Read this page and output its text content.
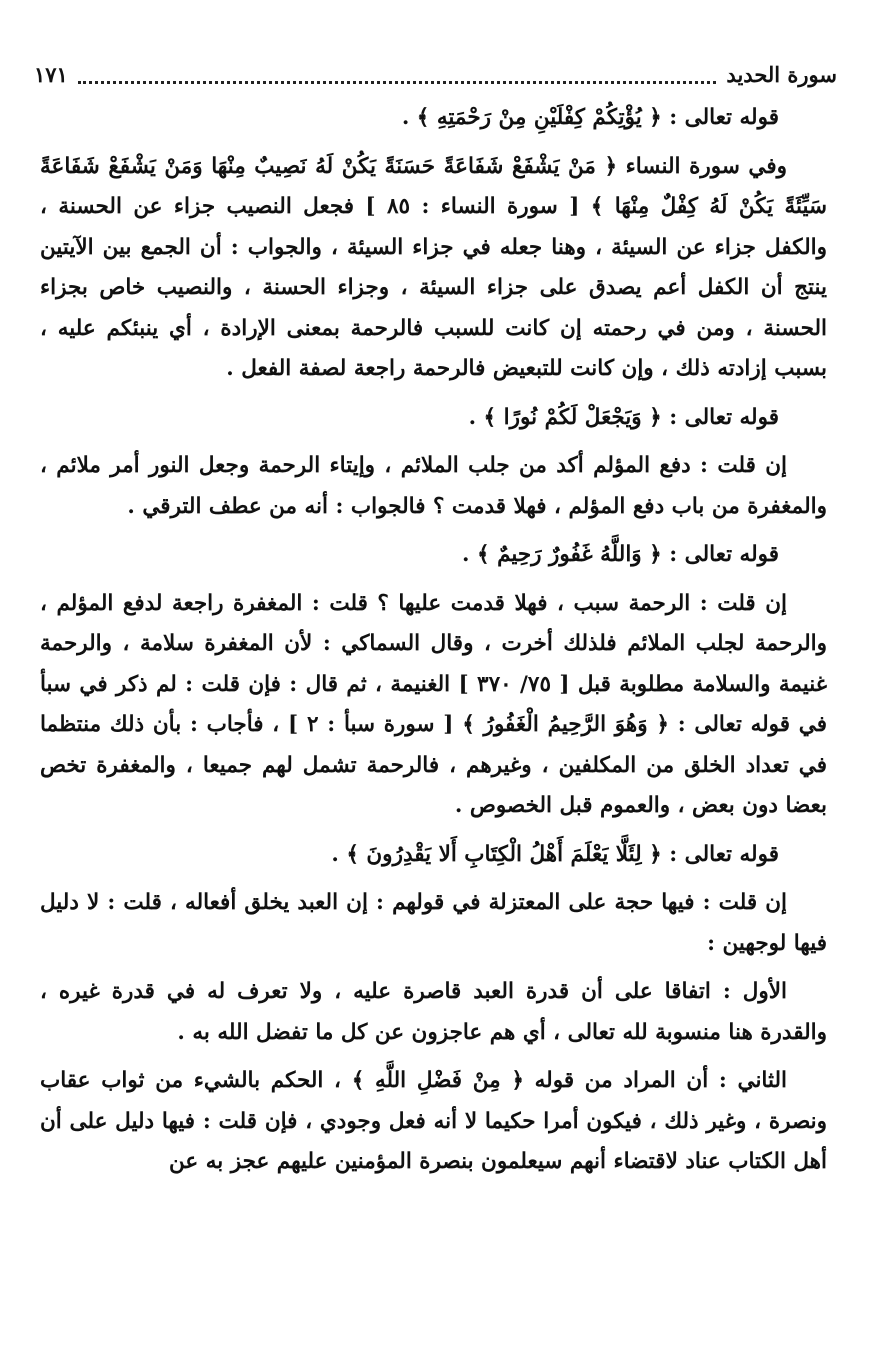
سورة الحديد
١٧١

قوله تعالى : ﴿ يُؤْتِكُمْ كِفْلَيْنِ مِنْ رَحْمَتِهِ ﴾ .

وفي سورة النساء ﴿ مَنْ يَشْفَعْ شَفَاعَةً حَسَنَةً يَكُنْ لَهُ نَصِيبٌ مِنْهَا وَمَنْ يَشْفَعْ شَفَاعَةً سَيِّئَةً يَكُنْ لَهُ كِفْلٌ مِنْهَا ﴾ [ سورة النساء : ٨٥ ] فجعل النصيب جزاء عن الحسنة ، والكفل جزاء عن السيئة ، وهنا جعله في جزاء السيئة ، والجواب : أن الجمع بين الآيتين ينتج أن الكفل أعم يصدق على جزاء السيئة ، وجزاء الحسنة ، والنصيب خاص بجزاء الحسنة ، ومن في رحمته إن كانت للسبب فالرحمة بمعنى الإرادة ، أي ينبئكم عليه ، بسبب إزادته ذلك ، وإن كانت للتبعيض فالرحمة راجعة لصفة الفعل .

قوله تعالى : ﴿ وَيَجْعَلْ لَكُمْ نُورًا ﴾ .

إن قلت : دفع المؤلم أكد من جلب الملائم ، وإيتاء الرحمة وجعل النور أمر ملائم ، والمغفرة من باب دفع المؤلم ، فهلا قدمت ؟ فالجواب : أنه من عطف الترقي .

قوله تعالى : ﴿ وَاللَّهُ غَفُورٌ رَحِيمٌ ﴾ .

إن قلت : الرحمة سبب ، فهلا قدمت عليها ؟ قلت : المغفرة راجعة لدفع المؤلم ، والرحمة لجلب الملائم فلذلك أخرت ، وقال السماكي : لأن المغفرة سلامة ، والرحمة غنيمة والسلامة مطلوبة قبل [ ٧٥/ ٣٧٠ ] الغنيمة ، ثم قال : فإن قلت : لم ذكر في سبأ في قوله تعالى : ﴿ وَهُوَ الرَّحِيمُ الْغَفُورُ ﴾ [ سورة سبأ : ٢ ] ، فأجاب : بأن ذلك منتظما في تعداد الخلق من المكلفين ، وغيرهم ، فالرحمة تشمل لهم جميعا ، والمغفرة تخص بعضا دون بعض ، والعموم قبل الخصوص .

قوله تعالى : ﴿ لِئَلَّا يَعْلَمَ أَهْلُ الْكِتَابِ أَلا يَقْدِرُونَ ﴾ .

إن قلت : فيها حجة على المعتزلة في قولهم : إن العبد يخلق أفعاله ، قلت : لا دليل فيها لوجهين :

الأول : اتفاقا على أن قدرة العبد قاصرة عليه ، ولا تعرف له في قدرة غيره ، والقدرة هنا منسوبة لله تعالى ، أي هم عاجزون عن كل ما تفضل الله به .

الثاني : أن المراد من قوله ﴿ مِنْ فَضْلِ اللَّهِ ﴾ ، الحكم بالشيء من ثواب عقاب ونصرة ، وغير ذلك ، فيكون أمرا حكيما لا أنه فعل وجودي ، فإن قلت : فيها دليل على أن أهل الكتاب عناد لاقتضاء أنهم سيعلمون بنصرة المؤمنين عليهم عجز به عن
